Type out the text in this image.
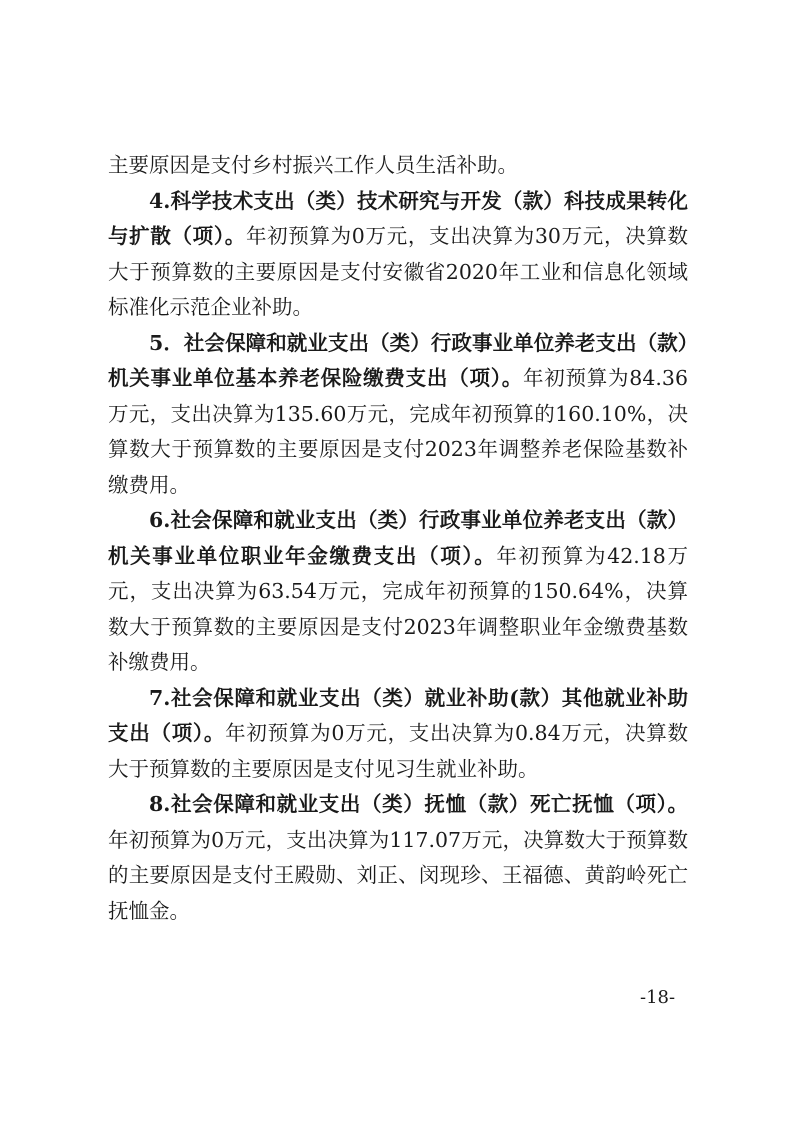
主要原因是支付乡村振兴工作人员生活补助。

4.科学技术支出（类）技术研究与开发（款）科技成果转化与扩散（项）。年初预算为0万元，支出决算为30万元，决算数大于预算数的主要原因是支付安徽省2020年工业和信息化领域标准化示范企业补助。

5．社会保障和就业支出（类）行政事业单位养老支出（款）机关事业单位基本养老保险缴费支出（项）。年初预算为84.36万元，支出决算为135.60万元，完成年初预算的160.10%，决算数大于预算数的主要原因是支付2023年调整养老保险基数补缴费用。

6.社会保障和就业支出（类）行政事业单位养老支出（款）机关事业单位职业年金缴费支出（项）。年初预算为42.18万元，支出决算为63.54万元，完成年初预算的150.64%，决算数大于预算数的主要原因是支付2023年调整职业年金缴费基数补缴费用。

7.社会保障和就业支出（类）就业补助(款）其他就业补助支出（项）。年初预算为0万元，支出决算为0.84万元，决算数大于预算数的主要原因是支付见习生就业补助。

8.社会保障和就业支出（类）抚恤（款）死亡抚恤（项）。年初预算为0万元，支出决算为117.07万元，决算数大于预算数的主要原因是支付王殿勋、刘正、闵现珍、王福德、黄韵岭死亡抚恤金。

-18-
